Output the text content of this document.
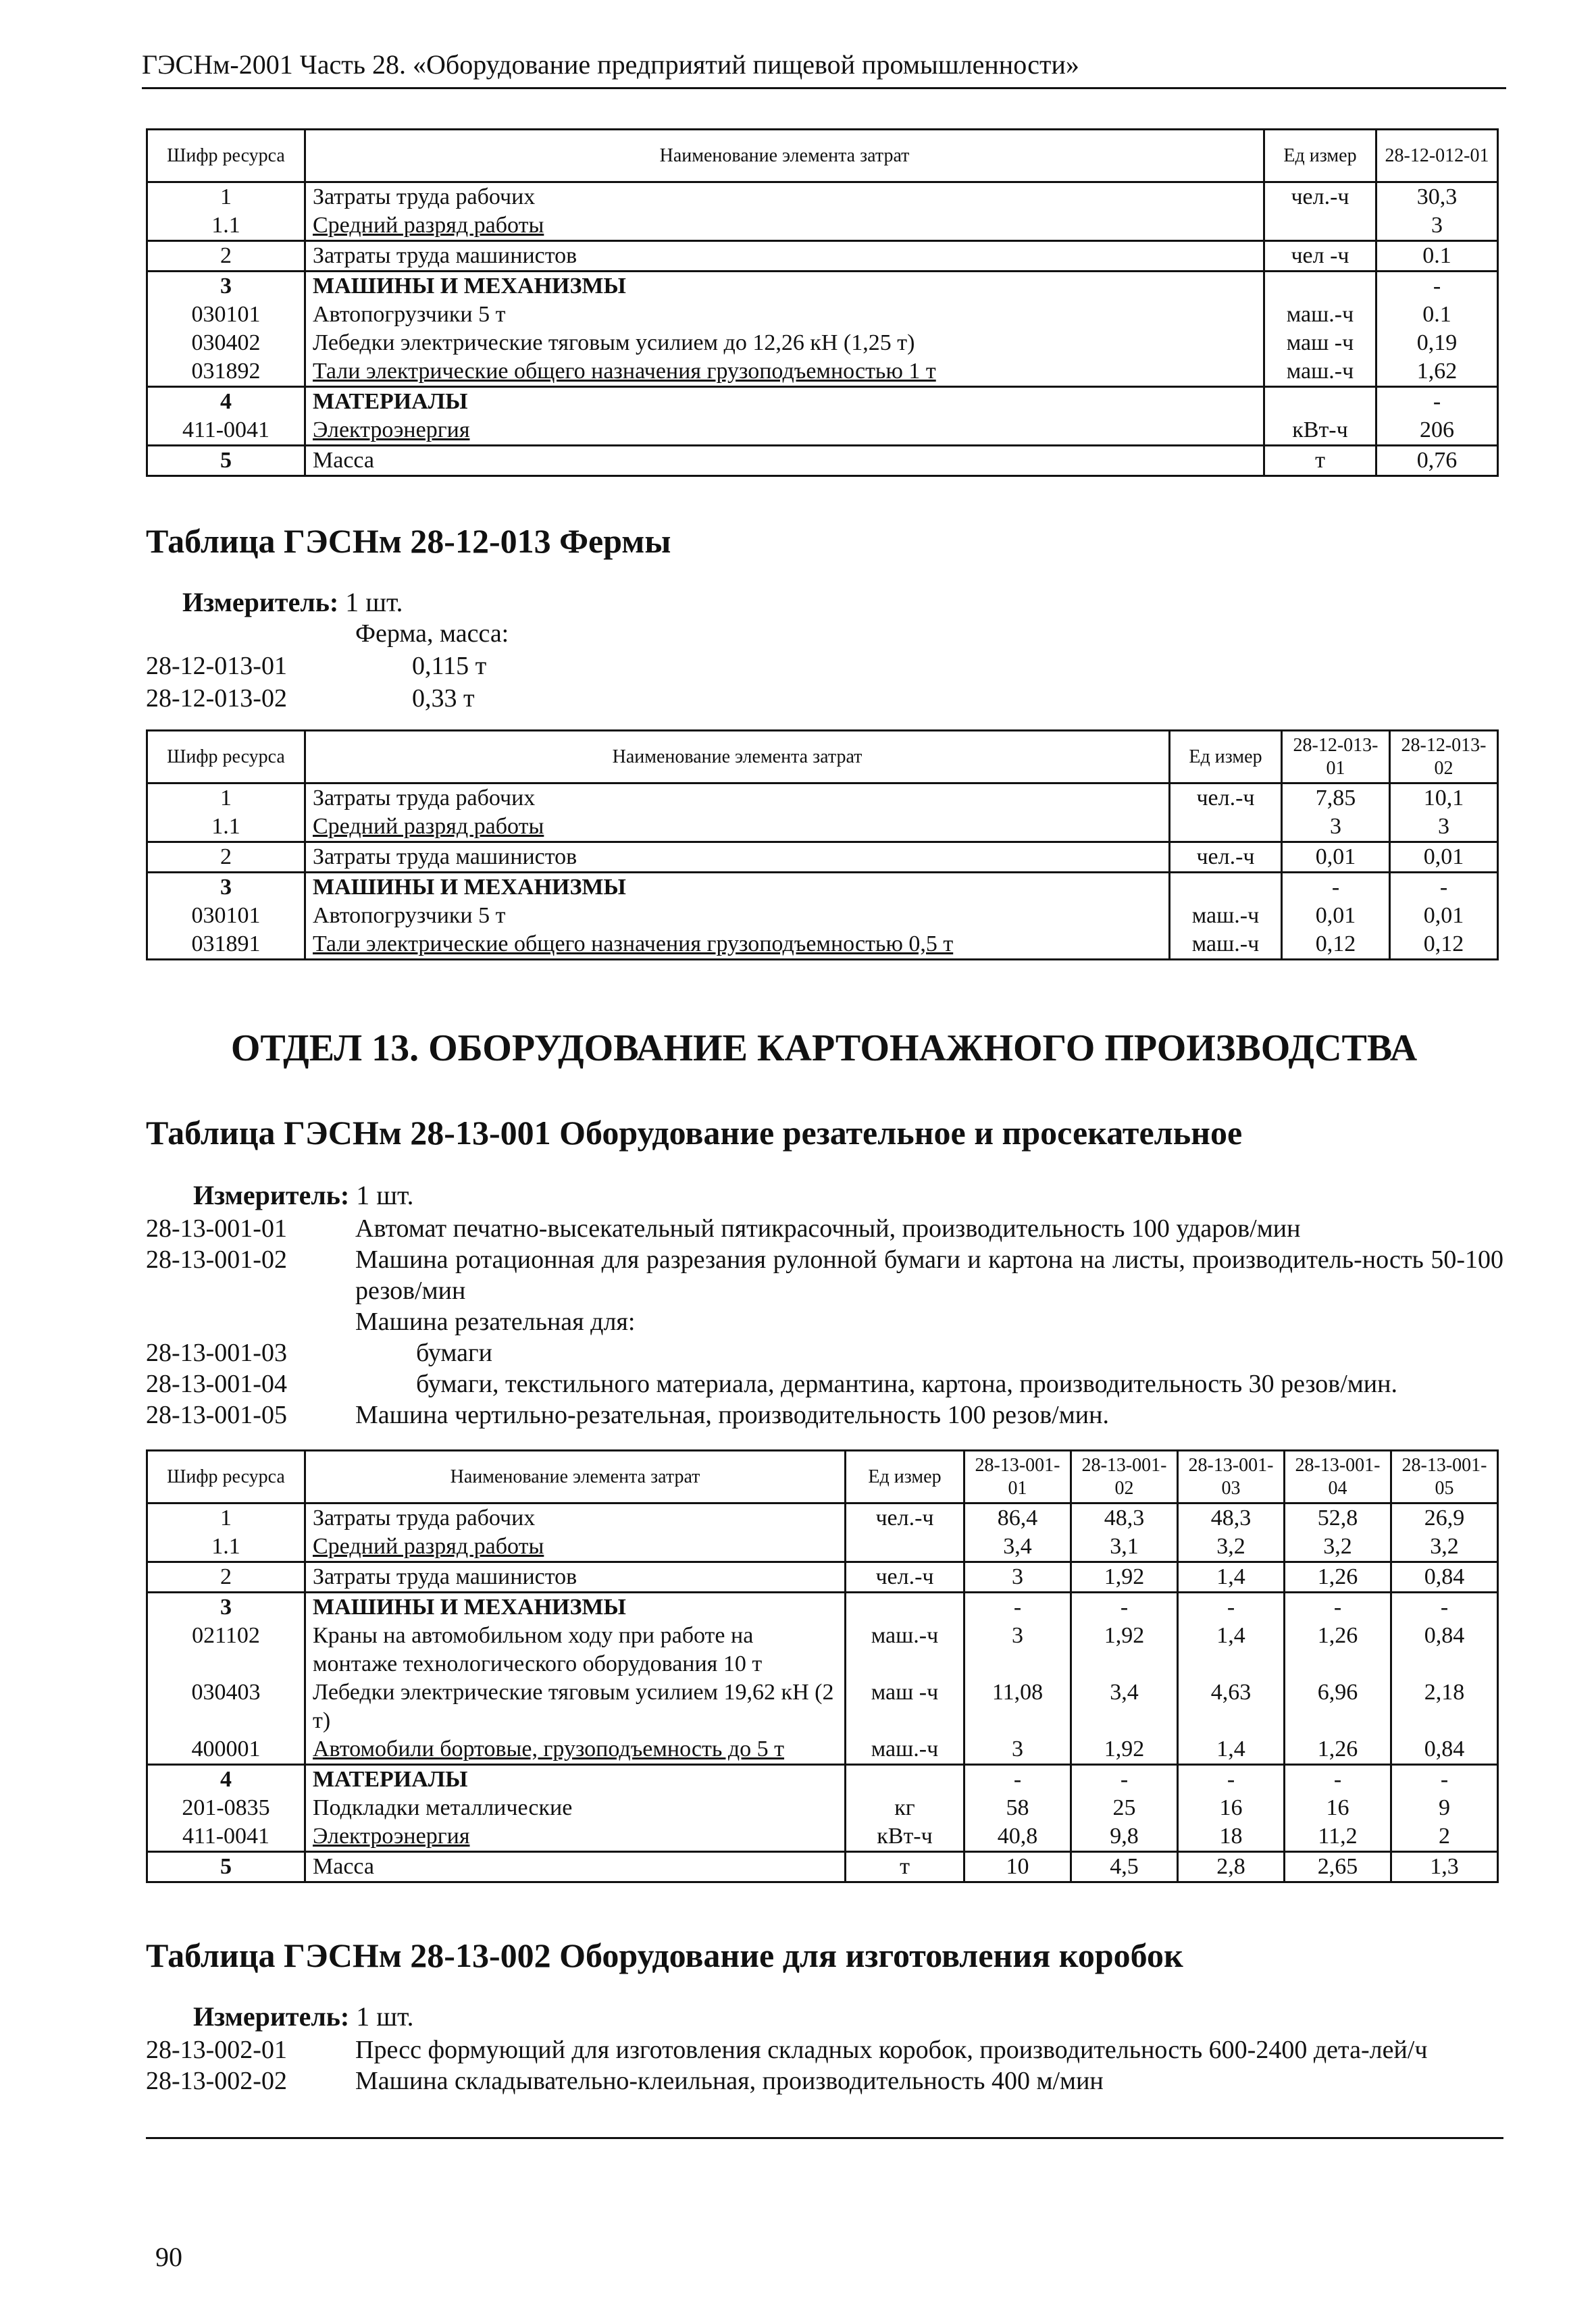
ГЭСНм-2001 Часть 28. «Оборудование предприятий пищевой промышленности»
Шифр ресурса	Наименование элемента затрат	Ед измер	28-12-012-01
1	Затраты труда рабочих	чел.-ч	30,3
1.1	Средний разряд работы		3
2	Затраты труда машинистов	чел -ч	0.1
3	МАШИНЫ И МЕХАНИЗМЫ		-
030101	Автопогрузчики 5 т	маш.-ч	0.1
030402	Лебедки электрические тяговым усилием до 12,26 кН (1,25 т)	маш -ч	0,19
031892	Тали электрические общего назначения грузоподъемностью 1 т	маш.-ч	1,62
4	МАТЕРИАЛЫ		-
411-0041	Электроэнергия	кВт-ч	206
5	Масса	т	0,76
Таблица ГЭСНм 28-12-013 Фермы
Измеритель: 1 шт.
Ферма, масса:
28-12-013-01	0,115 т
28-12-013-02	0,33 т
Шифр ресурса	Наименование элемента затрат	Ед измер	28-12-013-01	28-12-013-02
1	Затраты труда рабочих	чел.-ч	7,85	10,1
1.1	Средний разряд работы		3	3
2	Затраты труда машинистов	чел.-ч	0,01	0,01
3	МАШИНЫ И МЕХАНИЗМЫ		-	-
030101	Автопогрузчики 5 т	маш.-ч	0,01	0,01
031891	Тали электрические общего назначения грузоподъемностью 0,5 т	маш.-ч	0,12	0,12
ОТДЕЛ 13. ОБОРУДОВАНИЕ КАРТОНАЖНОГО ПРОИЗВОДСТВА
Таблица ГЭСНм 28-13-001 Оборудование резательное и просекательное
Измеритель: 1 шт.
28-13-001-01	Автомат печатно-высекательный пятикрасочный, производительность 100 ударов/мин
28-13-001-02	Машина ротационная для разрезания рулонной бумаги и картона на листы, производитель-ность 50-100 резов/мин
Машина резательная для:
28-13-001-03	бумаги
28-13-001-04	бумаги, текстильного материала, дермантина, картона, производительность 30 резов/мин.
28-13-001-05	Машина чертильно-резательная, производительность 100 резов/мин.
Шифр ресурса	Наименование элемента затрат	Ед измер	28-13-001-01	28-13-001-02	28-13-001-03	28-13-001-04	28-13-001-05
1	Затраты труда рабочих	чел.-ч	86,4	48,3	48,3	52,8	26,9
1.1	Средний разряд работы		3,4	3,1	3,2	3,2	3,2
2	Затраты труда машинистов	чел.-ч	3	1,92	1,4	1,26	0,84
3	МАШИНЫ И МЕХАНИЗМЫ		-	-	-	-	-
021102	Краны на автомобильном ходу при работе на монтаже технологического оборудования 10 т	маш.-ч	3	1,92	1,4	1,26	0,84
030403	Лебедки электрические тяговым усилием 19,62 кН (2 т)	маш -ч	11,08	3,4	4,63	6,96	2,18
400001	Автомобили бортовые, грузоподъемность до 5 т	маш.-ч	3	1,92	1,4	1,26	0,84
4	МАТЕРИАЛЫ		-	-	-	-	-
201-0835	Подкладки металлические	кг	58	25	16	16	9
411-0041	Электроэнергия	кВт-ч	40,8	9,8	18	11,2	2
5	Масса	т	10	4,5	2,8	2,65	1,3
Таблица ГЭСНм 28-13-002 Оборудование для изготовления коробок
Измеритель: 1 шт.
28-13-002-01	Пресс формующий для изготовления складных коробок, производительность 600-2400 дета-лей/ч
28-13-002-02	Машина складывательно-клеильная, производительность 400 м/мин
90
